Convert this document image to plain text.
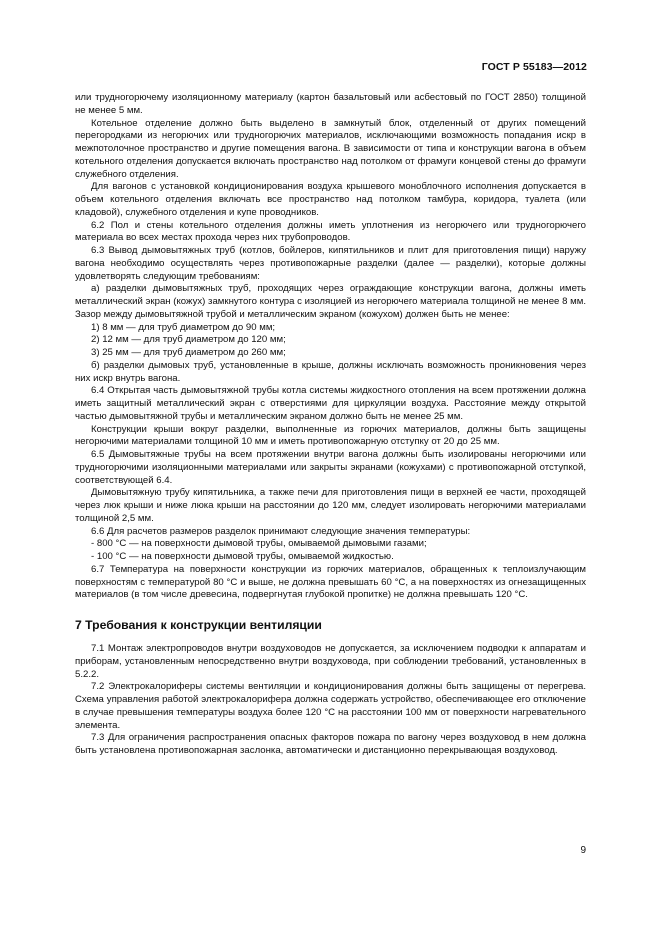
ГОСТ Р 55183—2012

или трудногорючему изоляционному материалу (картон базальтовый или асбестовый по ГОСТ 2850) толщиной не менее 5 мм.

Котельное отделение должно быть выделено в замкнутый блок, отделенный от других помещений перегородками из негорючих или трудногорючих материалов, исключающими возможность попадания искр в межпотолочное пространство и другие помещения вагона. В зависимости от типа и конструкции вагона в объем котельного отделения допускается включать пространство над потолком от фрамуги концевой стены до фрамуги служебного отделения.

Для вагонов с установкой кондиционирования воздуха крышевого моноблочного исполнения допускается в объем котельного отделения включать все пространство над потолком тамбура, коридора, туалета (или кладовой), служебного отделения и купе проводников.

6.2 Пол и стены котельного отделения должны иметь уплотнения из негорючего или трудногорючего материала во всех местах прохода через них трубопроводов.

6.3 Вывод дымовытяжных труб (котлов, бойлеров, кипятильников и плит для приготовления пищи) наружу вагона необходимо осуществлять через противопожарные разделки (далее — разделки), которые должны удовлетворять следующим требованиям:

а) разделки дымовытяжных труб, проходящих через ограждающие конструкции вагона, должны иметь металлический экран (кожух) замкнутого контура с изоляцией из негорючего материала толщиной не менее 8 мм. Зазор между дымовытяжной трубой и металлическим экраном (кожухом) должен быть не менее:

1) 8 мм — для труб диаметром до 90 мм;

2) 12 мм — для труб диаметром до 120 мм;

3) 25 мм — для труб диаметром до 260 мм;

б) разделки дымовых труб, установленные в крыше, должны исключать возможность проникновения через них искр внутрь вагона.

6.4 Открытая часть дымовытяжной трубы котла системы жидкостного отопления на всем протяжении должна иметь защитный металлический экран с отверстиями для циркуляции воздуха. Расстояние между открытой частью дымовытяжной трубы и металлическим экраном должно быть не менее 25 мм.

Конструкции крыши вокруг разделки, выполненные из горючих материалов, должны быть защищены негорючими материалами толщиной 10 мм и иметь противопожарную отступку от 20 до 25 мм.

6.5 Дымовытяжные трубы на всем протяжении внутри вагона должны быть изолированы негорючими или трудногорючими изоляционными материалами или закрыты экранами (кожухами) с противопожарной отступкой, соответствующей 6.4.

Дымовытяжную трубу кипятильника, а также печи для приготовления пищи в верхней ее части, проходящей через люк крыши и ниже люка крыши на расстоянии до 120 мм, следует изолировать негорючими материалами толщиной 2,5 мм.

6.6 Для расчетов размеров разделок принимают следующие значения температуры:

- 800 °С — на поверхности дымовой трубы, омываемой дымовыми газами;

- 100 °С — на поверхности дымовой трубы, омываемой жидкостью.

6.7 Температура на поверхности конструкции из горючих материалов, обращенных к теплоизлучающим поверхностям с температурой 80 °С и выше, не должна превышать 60 °С, а на поверхностях из огнезащищенных материалов (в том числе древесина, подвергнутая глубокой пропитке) не должна превышать 120 °С.

7 Требования к конструкции вентиляции

7.1 Монтаж электропроводов внутри воздуховодов не допускается, за исключением подводки к аппаратам и приборам, установленным непосредственно внутри воздуховода, при соблюдении требований, установленных в 5.2.2.

7.2 Электрокалориферы системы вентиляции и кондиционирования должны быть защищены от перегрева. Схема управления работой электрокалорифера должна содержать устройство, обеспечивающее его отключение в случае превышения температуры воздуха более 120 °С на расстоянии 100 мм от поверхности нагревательного элемента.

7.3 Для ограничения распространения опасных факторов пожара по вагону через воздуховод в нем должна быть установлена противопожарная заслонка, автоматически и дистанционно перекрывающая воздуховод.

9
